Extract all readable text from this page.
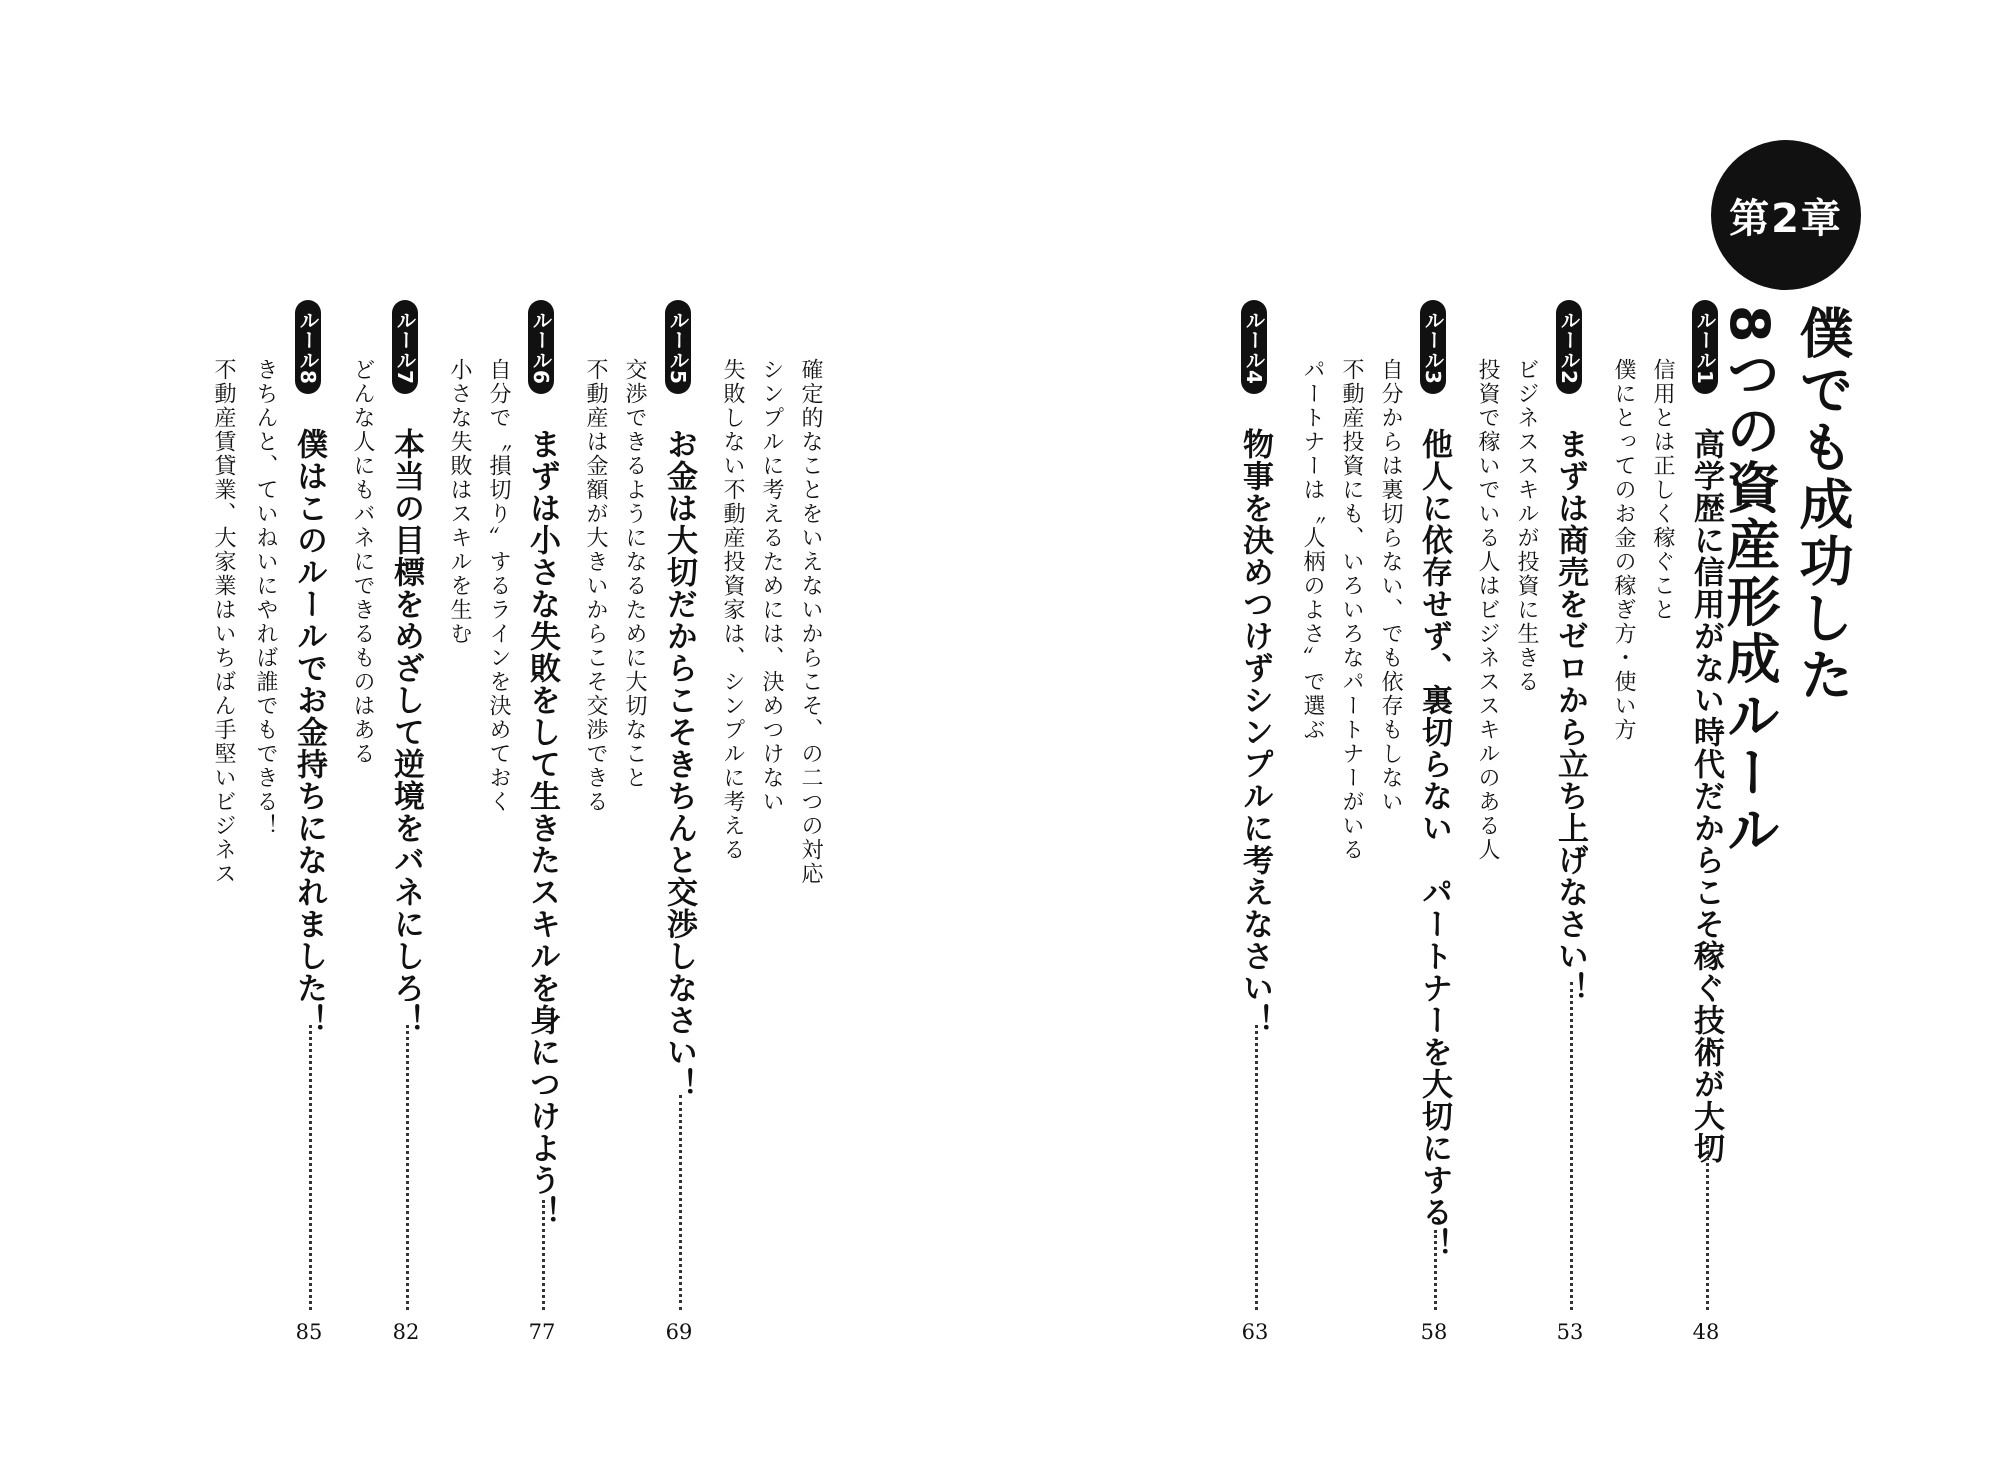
第2章
僕でも成功した
8つの資産形成ルール
ルール1
高学歴に信用がない時代だからこそ稼ぐ技術が大切
48
信用とは正しく稼ぐこと
僕にとってのお金の稼ぎ方・使い方
ルール2
まずは商売をゼロから立ち上げなさい！
53
ビジネススキルが投資に生きる
投資で稼いでいる人はビジネススキルのある人
ルール3
他人に依存せず、裏切らない　パートナーを大切にする！
58
自分からは裏切らない、でも依存もしない
不動産投資にも、いろいろなパートナーがいる
パートナーは〝人柄のよさ〟で選ぶ
ルール4
物事を決めつけずシンプルに考えなさい！
63
確定的なことをいえないからこそ、の二つの対応
シンプルに考えるためには、決めつけない
失敗しない不動産投資家は、シンプルに考える
ルール5
お金は大切だからこそきちんと交渉しなさい！
69
交渉できるようになるために大切なこと
不動産は金額が大きいからこそ交渉できる
ルール6
まずは小さな失敗をして生きたスキルを身につけよう！
77
自分で〝損切り〟するラインを決めておく
小さな失敗はスキルを生む
ルール7
本当の目標をめざして逆境をバネにしろ！
82
どんな人にもバネにできるものはある
ルール8
僕はこのルールでお金持ちになれました！
85
きちんと、ていねいにやれば誰でもできる！
不動産賃貸業、大家業はいちばん手堅いビジネス
